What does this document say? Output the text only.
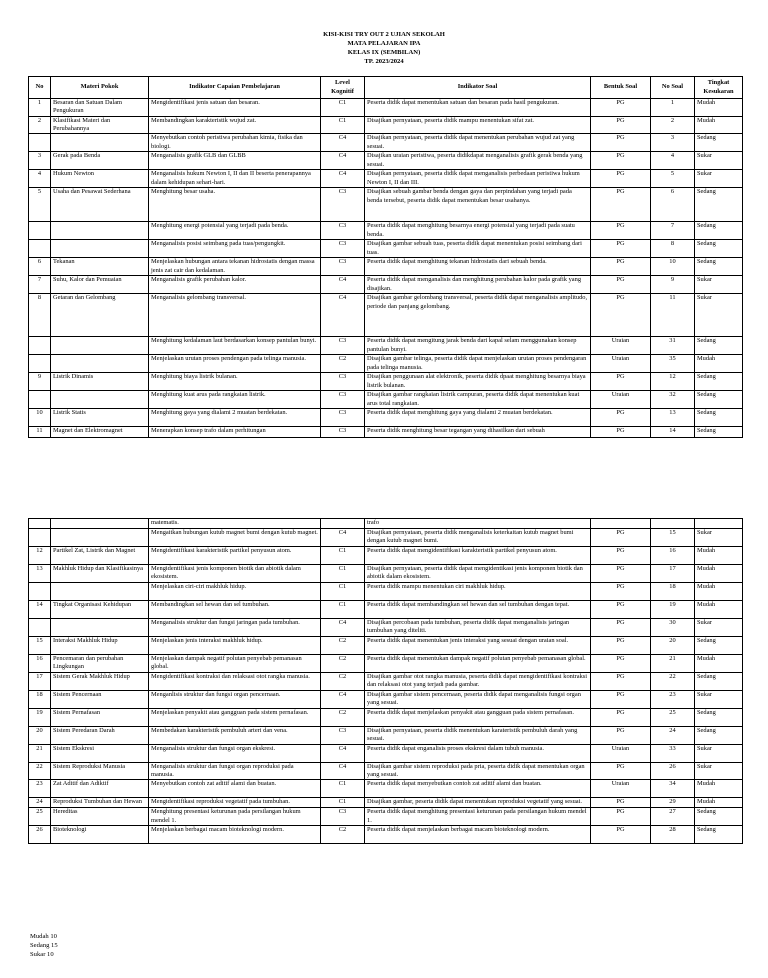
KISI-KISI TRY OUT 2 UJIAN SEKOLAH
MATA PELAJARAN IPA
KELAS IX (SEMBILAN)
TP. 2023/2024
No	Materi Pokok	Indikator Capaian Pembelajaran	Level Kognitif	Indikator Soal	Bentuk Soal	No Soal	Tingkat Kesukaran
1	Besaran dan Satuan Dalam Pengukuran	Mengidentifikasi jenis satuan dan besaran.	C1	Peserta didik dapat menentukan satuan dan besaran pada hasil pengukuran.	PG	1	Mudah
2	Klasifikasi Materi dan Perubahannya	Membandingkan karakteristik wujud zat.	C1	Disajikan pernyataan, peserta didik mampu menentukan sifat zat.	PG	2	Mudah
		Menyebutkan contoh peristiwa perubahan kimia, fisika dan biologi.	C4	Disajikan pernyataan, peserta didik dapat menentukan perubahan wujud zat yang sesuai.	PG	3	Sedang
3	Gerak pada Benda	Menganalisis grafik GLB dan GLBB	C4	Disajikan uraian peristiwa, peserta didikdapat menganalisis grafik gerak benda yang sesuai.	PG	4	Sukar
4	Hukum Newton	Menganalisis hukum Newton I, II dan II beserta penerapannya dalam kehidupan sehari-hari.	C4	Disajikan pernyataan, peserta didik dapat menganalisis perbedaan peristiwa hukum Newton I, II dan III.	PG	5	Sukar
5	Usaha dan Pesawat Sederhana	Menghitung besar usaha.	C3	Disajikan sebuah gambar benda dengan gaya dan perpindahan yang terjadi pada benda tersebut, peserta didik dapat menentukan besar usahanya.	PG	6	Sedang
		Menghitung energi potensial yang terjadi pada benda.	C3	Peserta didik dapat menghitung besarnya energi potensial yang terjadi pada suatu benda.	PG	7	Sedang
		Menganalisis posisi seimbang pada tuas/pengungkit.	C3	Disajikan gambar sebuah tuas, peserta didik dapat menentukan posisi seimbang dari tuas.	PG	8	Sedang
6	Tekanan	Menjelaskan hubungan antara tekanan hidrostatis dengan massa jenis zat cair dan kedalaman.	C3	Peserta didik dapat menghitung tekanan hidrostatis dari sebuah benda.	PG	10	Sedang
7	Suhu, Kalor dan Pemuaian	Menganalisis grafik perubahan kalor.	C4	Peserta didik dapat menganalisis dan menghitung perubahan kalor pada grafik yang disajikan.	PG	9	Sukar
8	Getaran dan Gelombang	Menganalisis gelombang transversal.	C4	Disajikan gambar gelombang transversal, peserta didik dapat menganalisis amplitudo, periode dan panjang gelombang.	PG	11	Sukar
		Menghitung kedalaman laut berdasarkan konsep pantulan bunyi.	C3	Peserta didik dapat mengitung jarak benda dari kapal selam menggunakan konsep pantulan bunyi.	Uraian	31	Sedang
		Menjelaskan urutan proses pendengan pada telinga manusia.	C2	Disajikan gambar telinga, peserta didik dapat menjelaskan urutan proses pendengaran pada telinga manusia.	Uraian	35	Mudah
9	Listrik Dinamis	Menghitung biaya listrik bulanan.	C3	Disajikan penggunaan alat elektronik, peserta didik dpaat menghitung besarnya biaya listrik bulanan.	PG	12	Sedang
		Menghitung kuat arus pada rangkaian listrik.	C3	Disajikan gambar rangkaian listrik campuran, peserta didik dapat menentukan kuat arus total rangkaian.	Uraian	32	Sedang
10	Listrik Statis	Menghitung gaya yang dialami 2 muatan berdekatan.	C3	Peserta didik dapat menghitung gaya yang dialami 2 muatan berdekatan.	PG	13	Sedang
11	Magnet dan Elektromagnet	Menerapkan konsep trafo dalam perhitungan	C3	Peserta didik menghitung besar tegangan yang dihasilkan dari sebuah	PG	14	Sedang
		matematis.		trafo			
		Mengaitkan hubungan kutub magnet bumi dengan kutub magnet.	C4	Disajikan pernyataan, peserta didik menganalisis keterkaitan kutub magnet bumi dengan kutub magnet bumi.	PG	15	Sukar
12	Partikel Zat, Listrik dan Magnet	Mengidentifikasi karakteristik partikel penyusun atom.	C1	Peserta didik dapat mengidentifikasi karakteristik partikel penyusun atom.	PG	16	Mudah
13	Makhluk Hidup dan Klasifikasinya	Mengidentifikasi jenis komponen biotik dan abiotik dalam ekosistem.	C1	Disajikan pernyataan, peserta didik dapat mengidentikasi jenis komponen biotik dan abiotik dalam ekosistem.	PG	17	Mudah
		Menjelaskan ciri-ciri makhluk hidup.	C1	Peserta didik mampu menentukan ciri makhluk hidup.	PG	18	Mudah
14	Tingkat Organisasi Kehidupan	Membandingkan sel hewan dan sel tumbuhan.	C1	Peserta didik dapat membandingkan sel hewan dan sel tumbuhan dengan tepat.	PG	19	Mudah
		Menganalisis struktur dan fungsi jaringan pada tumbuhan.	C4	Disajikan percobaan pada tumbuhan, peserta didik dapat menganalisis jaringan tumbuhan yang diteliti.	PG	30	Sukar
15	Interaksi Makhluk Hidup	Menjelaskan jenis interaksi makhluk hidup.	C2	Peserta didik dapat menentukan jenis interaksi yang sesuai dengan uraian soal.	PG	20	Sedang
16	Pencemaran dan perubahan Lingkungan	Menjelaskan dampak negatif polutan penyebab pemanasan global.	C2	Peserta didik dapat menentukan dampak negatif polutan penyebab pemanasan global.	PG	21	Mudah
17	Sistem Gerak Makhluk Hidup	Mengidentifikasi kontraksi dan relaksasi otot rangka manusia.	C2	Disajikan gambar otot rangka manusia, peserta didik dapat mengidentifikasi kontraksi dan relaksasi otot yang terjadi pada gambar.	PG	22	Sedang
18	Sistem Pencernaan	Menganlisis struktur dan fungsi organ pencernaan.	C4	Disajikan gambar sistem pencernaan, peserta didik dapat menganalisis fungsi organ yang sesuai.	PG	23	Sukar
19	Sistem Pernafasan	Menjelaskan penyakit atau gangguan pada sistem pernafasan.	C2	Peserta didik dapat menjelaskan penyakit atau gangguan pada sistem pernafasan.	PG	25	Sedang
20	Sistem Peredaran Darah	Membedakan karakteristik pembuluh arteri dan vena.	C3	Disajikan pernyataan, peserta didik menentukan karateristik pembuluh darah yang sesuai.	PG	24	Sedang
21	Sistem Ekskresi	Menganalisis struktur dan fungsi organ ekskresi.	C4	Peserta didik dapat enganalisis proses ekskresi dalam tubuh manusia.	Uraian	33	Sukar
22	Sistem Reproduksi Manusia	Menganalisis struktur dan fungsi organ reproduksi pada manusia.	C4	Disajikan gambar sistem reproduksi pada pria, peserta didik dapat menentukan organ yang sesuai.	PG	26	Sukar
23	Zat Aditif dan Adiktif	Menyebutkan contoh zat aditif alami dan buatan.	C1	Peserta didik dapat menyebutkan contoh zat aditif alami dan buatan.	Uraian	34	Mudah
24	Reproduksi Tumbuhan dan Hewan	Mengidentifikasi reproduksi vegetatif pada tumbuhan.	C1	Disajikan gambar, peserta didik dapat menentukan reproduksi vegetatif yang sesuai.	PG	29	Mudah
25	Hereditas	Menghitung presentasi keturunan pada persilangan hukum mendel 1.	C3	Peserta didik dapat menghitung presentasi keturunan pada persilangan hukum mendel 1.	PG	27	Sedang
26	Bioteknologi	Menjelaskan berbagai macam bioteknologi modern.	C2	Peserta didik dapat menjelaskan berbagai macam bioteknologi modern.	PG	28	Sedang
Mudah 10
Sedang 15
Sukar 10
